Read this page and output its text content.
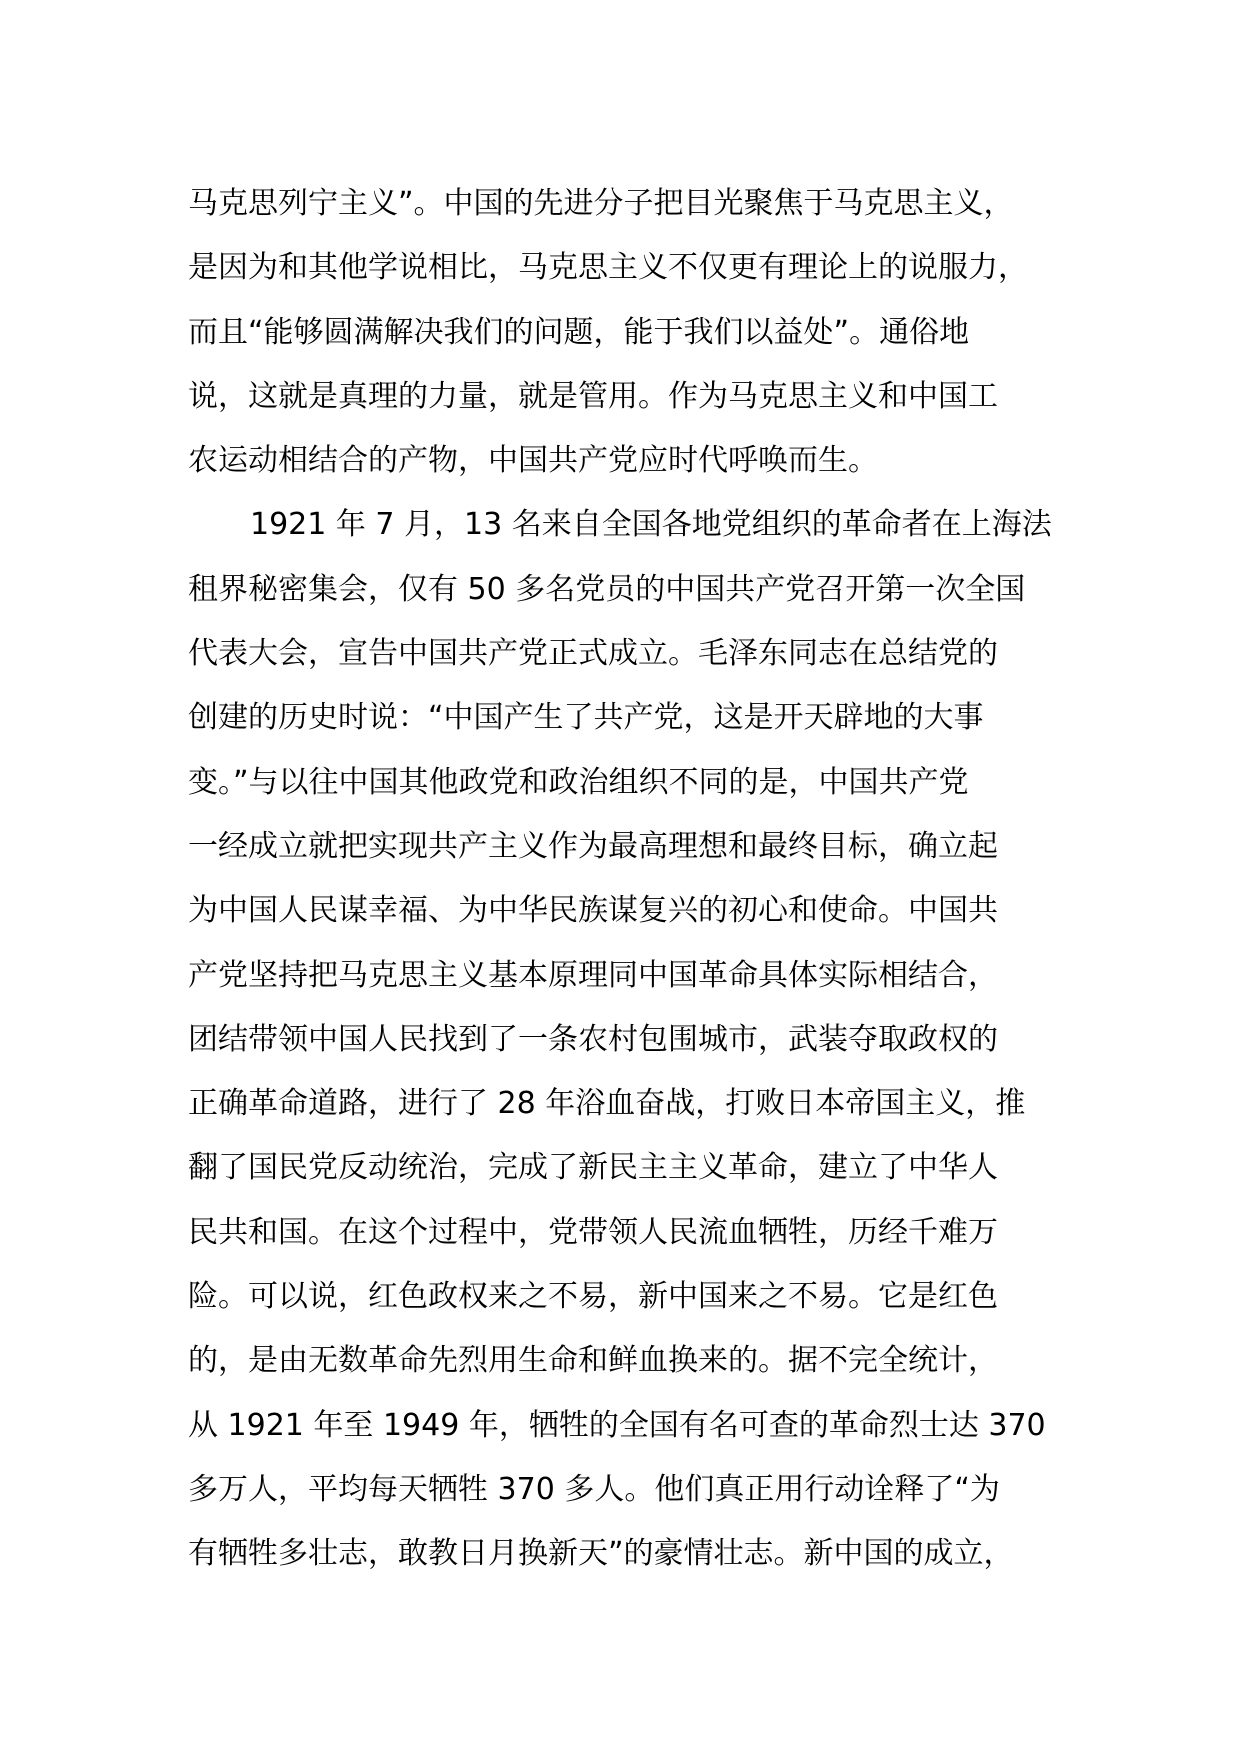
马克思列宁主义”。中国的先进分子把目光聚焦于马克思主义，
是因为和其他学说相比，马克思主义不仅更有理论上的说服力，
而且“能够圆满解决我们的问题，能于我们以益处”。通俗地
说，这就是真理的力量，就是管用。作为马克思主义和中国工
农运动相结合的产物，中国共产党应时代呼唤而生。
1921 年 7 月，13 名来自全国各地党组织的革命者在上海法
租界秘密集会，仅有 50 多名党员的中国共产党召开第一次全国
代表大会，宣告中国共产党正式成立。毛泽东同志在总结党的
创建的历史时说：“中国产生了共产党，这是开天辟地的大事
变。”与以往中国其他政党和政治组织不同的是，中国共产党
一经成立就把实现共产主义作为最高理想和最终目标，确立起
为中国人民谋幸福、为中华民族谋复兴的初心和使命。中国共
产党坚持把马克思主义基本原理同中国革命具体实际相结合，
团结带领中国人民找到了一条农村包围城市，武装夺取政权的
正确革命道路，进行了 28 年浴血奋战，打败日本帝国主义，推
翻了国民党反动统治，完成了新民主主义革命，建立了中华人
民共和国。在这个过程中，党带领人民流血牺牲，历经千难万
险。可以说，红色政权来之不易，新中国来之不易。它是红色
的，是由无数革命先烈用生命和鲜血换来的。据不完全统计，
从 1921 年至 1949 年，牺牲的全国有名可查的革命烈士达 370
多万人，平均每天牺牲 370 多人。他们真正用行动诠释了“为
有牺牲多壮志，敢教日月换新天”的豪情壮志。新中国的成立，
